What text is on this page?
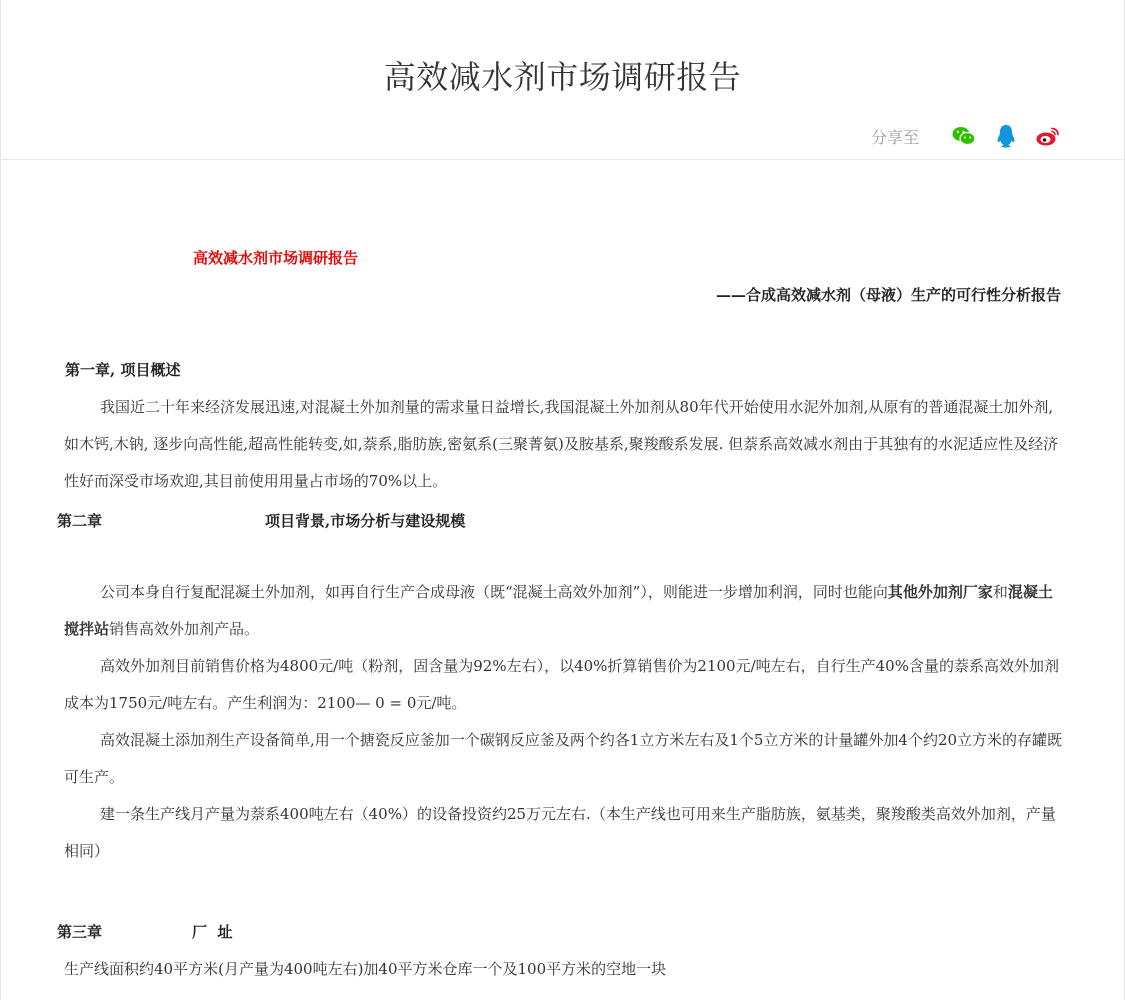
高效减水剂市场调研报告
分享至

高效减水剂市场调研报告

——合成高效减水剂（母液）生产的可行性分析报告

第一章, 项目概述

我国近二十年来经济发展迅速,对混凝土外加剂量的需求量日益增长,我国混凝土外加剂从80年代开始使用水泥外加剂,从原有的普通混凝土加外剂,如木钙,木钠, 逐步向高性能,超高性能转变,如,萘系,脂肪族,密氨系(三聚菁氨)及胺基系,聚羧酸系发展. 但萘系高效减水剂由于其独有的水泥适应性及经济性好而深受市场欢迎,其目前使用用量占市场的70%以上。

第二章	项目背景,市场分析与建设规模

公司本身自行复配混凝土外加剂，如再自行生产合成母液（既“混凝土高效外加剂”），则能进一步增加利润，同时也能向其他外加剂厂家和混凝土搅拌站销售高效外加剂产品。

高效外加剂目前销售价格为4800元/吨（粉剂，固含量为92%左右），以40%折算销售价为2100元/吨左右，自行生产40%含量的萘系高效外加剂成本为1750元/吨左右。产生利润为：2100— 0 = 0元/吨。

高效混凝土添加剂生产设备简单,用一个搪瓷反应釜加一个碳钢反应釜及两个约各1立方米左右及1个5立方米的计量罐外加4个约20立方米的存罐既可生产。

建一条生产线月产量为萘系400吨左右（40%）的设备投资约25万元左右.（本生产线也可用来生产脂肪族，氨基类，聚羧酸类高效外加剂，产量相同）

第三章	厂  址

生产线面积约40平方米(月产量为400吨左右)加40平方米仓库一个及100平方米的空地一块
